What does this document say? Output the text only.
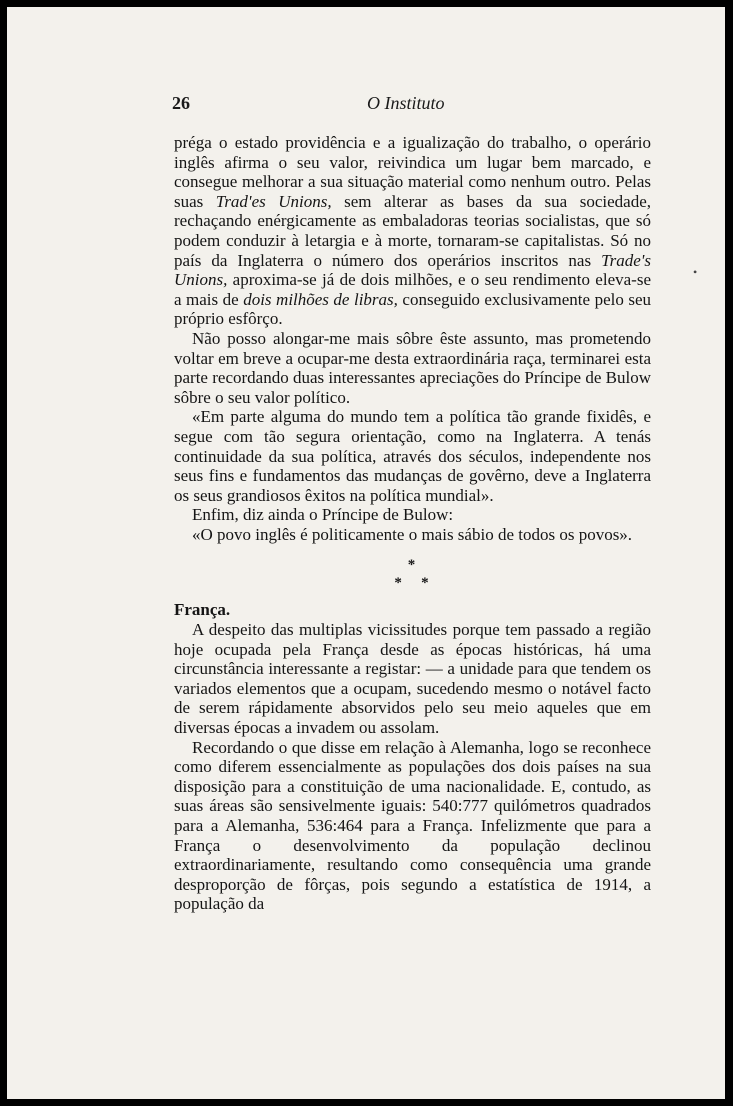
26	O Instituto
•

préga o estado providência e a igualização do trabalho, o operário inglês afirma o seu valor, reivindica um lugar bem marcado, e consegue melhorar a sua situação material como nenhum outro. Pelas suas Trad'es Unions, sem alterar as bases da sua sociedade, rechaçando enérgicamente as embaladoras teorias socialistas, que só podem conduzir à letargia e à morte, tornaram-se capitalistas. Só no país da Inglaterra o número dos operários inscritos nas Trade's Unions, aproxima-se já de dois milhões, e o seu rendimento eleva-se a mais de dois milhões de libras, conseguido exclusivamente pelo seu próprio esfôrço.

Não posso alongar-me mais sôbre êste assunto, mas prometendo voltar em breve a ocupar-me desta extraordinária raça, terminarei esta parte recordando duas interessantes apreciações do Príncipe de Bulow sôbre o seu valor político.

«Em parte alguma do mundo tem a política tão grande fixidês, e segue com tão segura orientação, como na Inglaterra. A tenás continuidade da sua política, através dos séculos, independente nos seus fins e fundamentos das mudanças de govêrno, deve a Inglaterra os seus grandiosos êxitos na política mundial».

Enfim, diz ainda o Príncipe de Bulow:

«O povo inglês é politicamente o mais sábio de todos os povos».

*
*   *
França.

A despeito das multiplas vicissitudes porque tem passado a região hoje ocupada pela França desde as épocas históricas, há uma circunstância interessante a registar: — a unidade para que tendem os variados elementos que a ocupam, sucedendo mesmo o notável facto de serem rápidamente absorvidos pelo seu meio aqueles que em diversas épocas a invadem ou assolam.

Recordando o que disse em relação à Alemanha, logo se reconhece como diferem essencialmente as populações dos dois países na sua disposição para a constituição de uma nacionalidade. E, contudo, as suas áreas são sensivelmente iguais: 540:777 quilómetros quadrados para a Alemanha, 536:464 para a França. Infelizmente que para a França o desenvolvimento da população declinou extraordinariamente, resultando como consequência uma grande desproporção de fôrças, pois segundo a estatística de 1914, a população da
